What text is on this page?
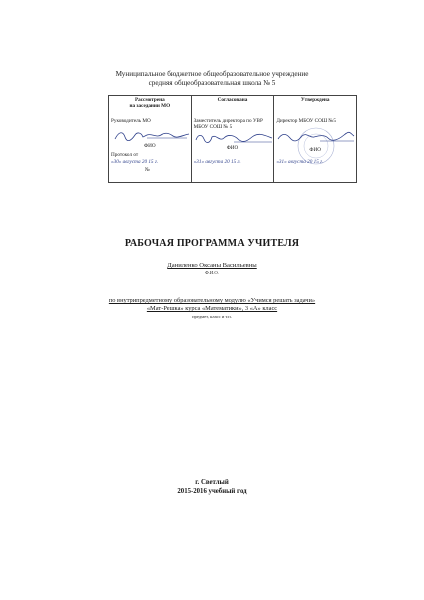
Муниципальное бюджетное общеобразовательное учреждение
средняя общеобразовательная школа № 5
Рассмотрена
на заседании МО
Руководитель МО
ФИО
Протокол от
«30» августа 20 15 г.
№

Согласована
Заместитель директора по УВР
МБОУ СОШ № 5
ФИО
«31» августа 20 15 г.

Утверждена
Директор МБОУ СОШ №5
ФИО
«31» августа 20 15 г.
РАБОЧАЯ ПРОГРАММА УЧИТЕЛЯ
Даниленко Оксаны Васильевны
Ф.И.О.
по внутрипредметному образовательному модулю «Учимся решать задачи»
«Мат-Решка» курса «Математики», 3 «А» класс
предмет, класс и т.п.
г. Светлый
2015-2016 учебный год
